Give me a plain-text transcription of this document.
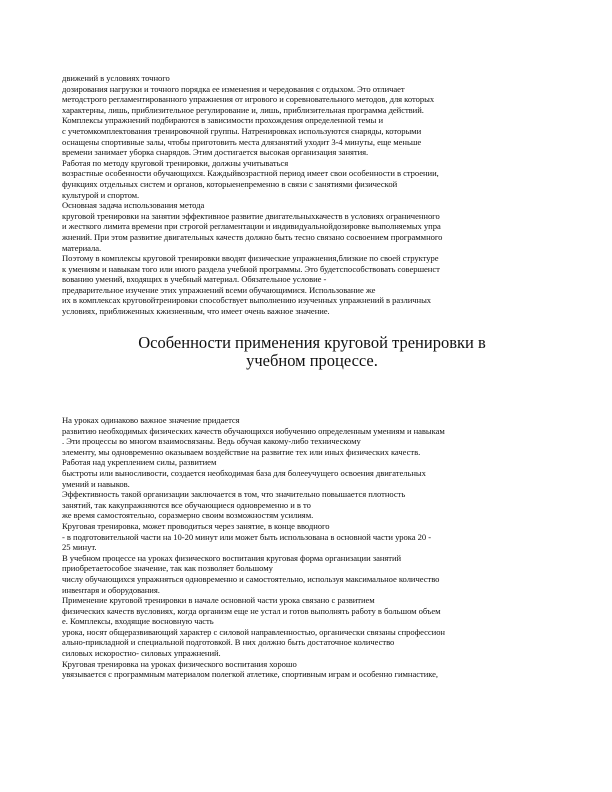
движений в условиях точного
дозирования нагрузки и точного порядка ее изменения и чередования с отдыхом. Это отличает
методстрого регламентированного упражнения от игрового и соревновательного методов, для которых
характерны, лишь, приблизительное регулирование и, лишь, приблизительная программа действий.
Комплексы упражнений подбираются в зависимости прохождения определенной темы и
с учетомкомплектования тренировочной группы. Натренировках используются снаряды, которыми
оснащены спортивные залы, чтобы приготовить места длязанятий уходит 3-4 минуты, еще меньше
времени занимает уборка снарядов. Этим достигается высокая организация занятия.
Работая по методу круговой тренировки, должны учитываться
возрастные особенности обучающихся. Каждыйвозрастной период имеет свои особенности в строении,
функциях отдельных систем и органов, которыенепременно в связи с занятиями физической
культурой и спортом.
Основная задача использования метода
круговой тренировки на занятии эффективное развитие двигательныхкачеств в условиях ограниченного
и жесткого лимита времени при строгой регламентации и индивидуальнойдозировке выполняемых упра
жнений. При этом развитие двигательных качеств должно быть тесно связано сосвоением программного
материала.
Поэтому в комплексы круговой тренировки вводят физические упражнения,близкие по своей структуре
к умениям и навыкам того или иного раздела учебной программы. Это будетспособствовать совершенст
вованию умений, входящих в учебный материал. Обязательное условие -
предварительное изучение этих упражнений всеми обучающимися. Использование же
их в комплексах круговойтренировки способствует выполнению изученных упражнений в различных
условиях, приближенных кжизненным, что имеет очень важное значение.
Особенности применения круговой тренировки в
учебном процессе.
На уроках одинаково важное значение придается
развитию необходимых физических качеств обучающихся иобучению определенным умениям и навыкам
. Эти процессы во многом взаимосвязаны. Ведь обучая какому-либо техническому
элементу, мы одновременно оказываем воздействие на развитие тех или иных физических качеств.
Работая над укреплением силы, развитием
быстроты или выносливости, создается необходимая база для болееучущего освоения двигательных
умений и навыков.
Эффективность такой организации заключается в том, что значительно повышается плотность
занятий, так какупражняются все обучающиеся одновременно и в то
же время самостоятельно, соразмерно своим возможностям усилиям.
Круговая тренировка, может проводиться через занятие, в конце вводного
- в подготовительной части на 10-20 минут или может быть использована в основной части урока 20 -
25 минут.
В учебном процессе на уроках физического воспитания круговая форма организации занятий
приобретаетособое значение, так как позволяет большому
числу обучающихся упражняться одновременно и самостоятельно, используя максимальное количество
инвентаря и оборудования.
Применение круговой тренировки в начале основной части урока связано с развитием
физических качеств вусловиях, когда организм еще не устал и готов выполнять работу в большом объем
е. Комплексы, входящие восновную часть
урока, носят общеразвивающий характер с силовой направленностью, органически связаны спрофессион
ально-прикладной и специальной подготовкой. В них должно быть достаточное количество
силовых искоростно- силовых упражнений.
Круговая тренировка на уроках физического воспитания хорошо
увязывается с программным материалом полегкой атлетике, спортивным играм и особенно гимнастике,
